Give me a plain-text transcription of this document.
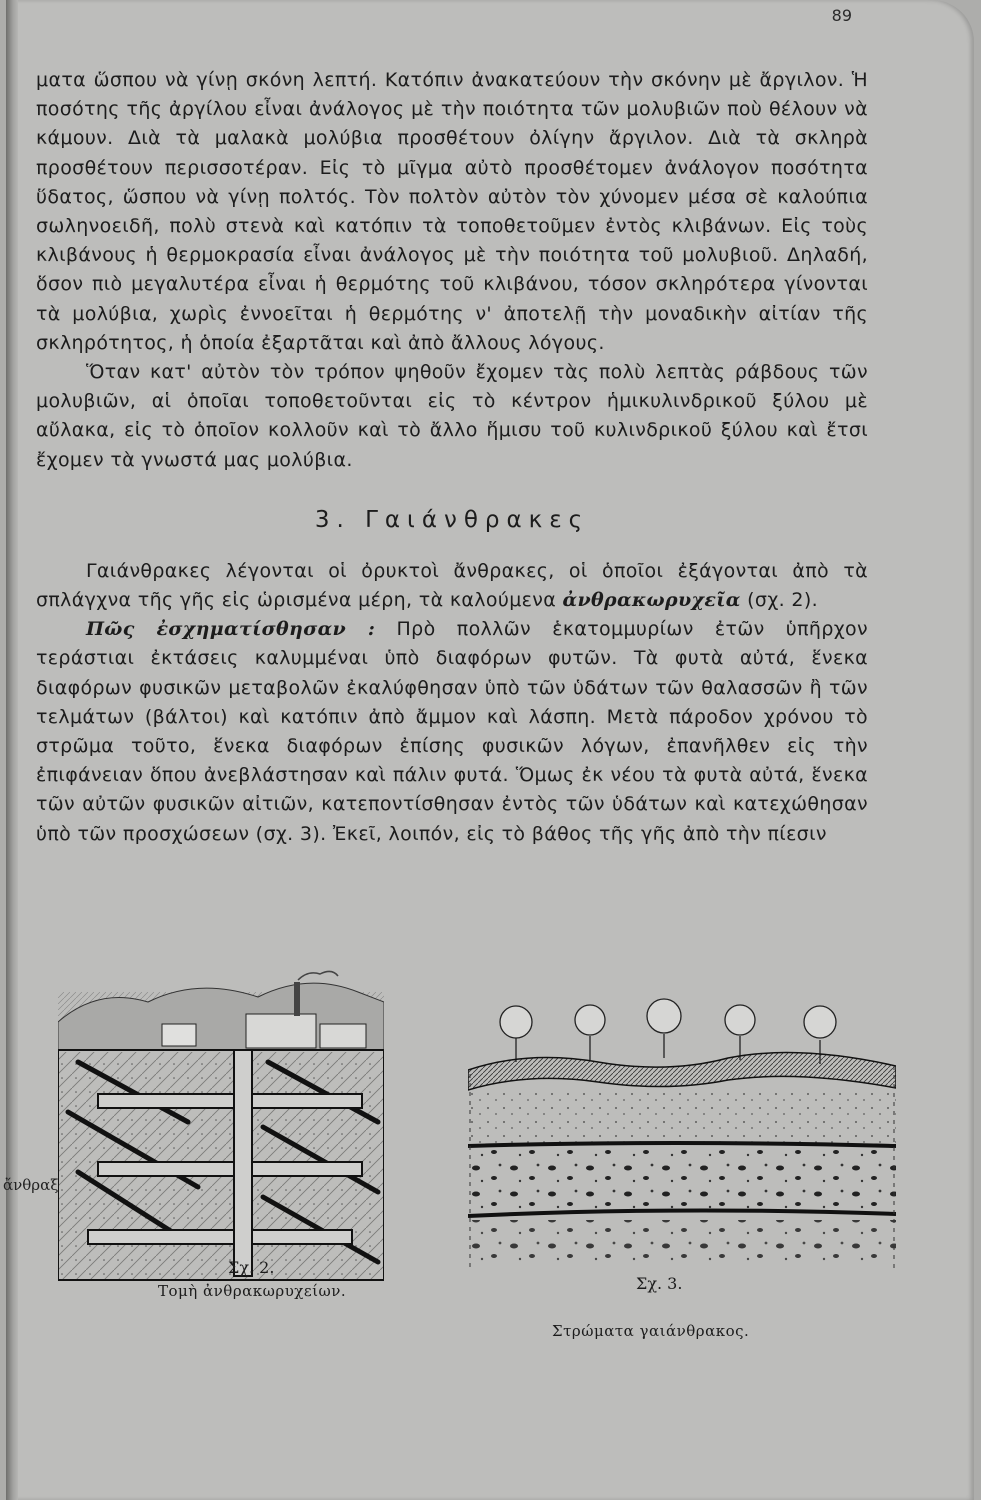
89

ματα ὥσπου νὰ γίνῃ σκόνη λεπτή. Κατόπιν ἀνακατεύουν τὴν σκόνην μὲ ἄργιλον. Ἡ ποσότης τῆς ἀργίλου εἶναι ἀνάλογος μὲ τὴν ποιότητα τῶν μολυβιῶν ποὺ θέλουν νὰ κάμουν. Διὰ τὰ μαλακὰ μολύβια προσθέτουν ὀλίγην ἄργιλον. Διὰ τὰ σκληρὰ προσθέτουν περισσοτέραν. Εἰς τὸ μῖγμα αὐτὸ προσθέτομεν ἀνάλογον ποσότητα ὕδατος, ὥσπου νὰ γίνῃ πολτός. Τὸν πολτὸν αὐτὸν τὸν χύνομεν μέσα σὲ καλούπια σωληνοειδῆ, πολὺ στενὰ καὶ κατόπιν τὰ τοποθετοῦμεν ἐντὸς κλιβάνων. Εἰς τοὺς κλιβάνους ἡ θερμοκρασία εἶναι ἀνάλογος μὲ τὴν ποιότητα τοῦ μολυβιοῦ. Δηλαδή, ὅσον πιὸ μεγαλυτέρα εἶναι ἡ θερμότης τοῦ κλιβάνου, τόσον σκληρότερα γίνονται τὰ μολύβια, χωρὶς ἐννοεῖται ἡ θερμότης ν' ἀποτελῇ τὴν μοναδικὴν αἰτίαν τῆς σκληρότητος, ἡ ὁποία ἐξαρτᾶται καὶ ἀπὸ ἄλλους λόγους.

Ὅταν κατ' αὐτὸν τὸν τρόπον ψηθοῦν ἔχομεν τὰς πολὺ λεπτὰς ράβδους τῶν μολυβιῶν, αἱ ὁποῖαι τοποθετοῦνται εἰς τὸ κέντρον ἡμικυλινδρικοῦ ξύλου μὲ αὔλακα, εἰς τὸ ὁποῖον κολλοῦν καὶ τὸ ἄλλο ἥμισυ τοῦ κυλινδρικοῦ ξύλου καὶ ἔτσι ἔχομεν τὰ γνωστά μας μολύβια.

3. Γαιάνθρακες

Γαιάνθρακες λέγονται οἱ ὀρυκτοὶ ἄνθρακες, οἱ ὁποῖοι ἐξάγονται ἀπὸ τὰ σπλάγχνα τῆς γῆς εἰς ὡρισμένα μέρη, τὰ καλούμενα ἀνθρακωρυχεῖα (σχ. 2).

Πῶς ἐσχηματίσθησαν : Πρὸ πολλῶν ἑκατομμυρίων ἐτῶν ὑπῆρχον τεράστιαι ἐκτάσεις καλυμμέναι ὑπὸ διαφόρων φυτῶν. Τὰ φυτὰ αὐτά, ἕνεκα διαφόρων φυσικῶν μεταβολῶν ἐκαλύφθησαν ὑπὸ τῶν ὑδάτων τῶν θαλασσῶν ἢ τῶν τελμάτων (βάλτοι) καὶ κατόπιν ἀπὸ ἄμμον καὶ λάσπη. Μετὰ πάροδον χρόνου τὸ στρῶμα τοῦτο, ἕνεκα διαφόρων ἐπίσης φυσικῶν λόγων, ἐπανῆλθεν εἰς τὴν ἐπιφάνειαν ὅπου ἀνεβλάστησαν καὶ πάλιν φυτά. Ὅμως ἐκ νέου τὰ φυτὰ αὐτά, ἕνεκα τῶν αὐτῶν φυσικῶν αἰτιῶν, κατεποντίσθησαν ἐντὸς τῶν ὑδάτων καὶ κατεχώθησαν ὑπὸ τῶν προσχώσεων (σχ. 3). Ἐκεῖ, λοιπόν, εἰς τὸ βάθος τῆς γῆς ἀπὸ τὴν πίεσιν

ἄνθραξ
Σχ. 2.
Τομὴ ἀνθρακωρυχείων.	Σχ. 3.
Στρώματα γαιάνθρακος.
